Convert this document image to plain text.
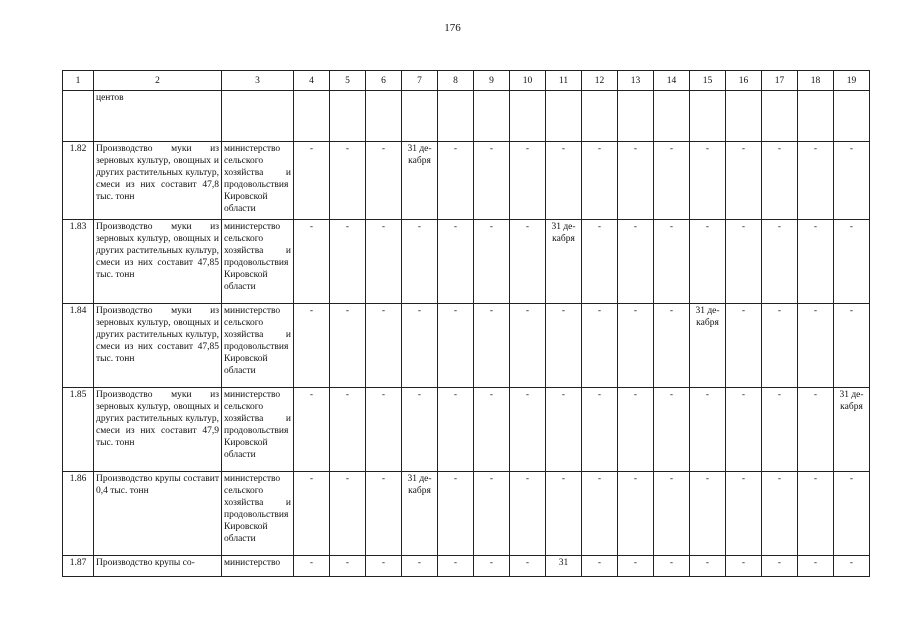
176
1	2	3	4	5	6	7	8	9	10	11	12	13	14	15	16	17	18	19
	центов																	
1.82	Производство муки из зерновых культур, овощных и других растительных культур, смеси из них составит 47,8 тыс. тонн	министерство сельского хозяйства и продовольствия Кировской области	-	-	-	31 де- кабря	-	-	-	-	-	-	-	-	-	-	-	-
1.83	Производство муки из зерновых культур, овощных и других растительных культур, смеси из них составит 47,85 тыс. тонн	министерство сельского хозяйства и продовольствия Кировской области	-	-	-	-	-	-	-	31 де- кабря	-	-	-	-	-	-	-	-
1.84	Производство муки из зерновых культур, овощных и других растительных культур, смеси из них составит 47,85 тыс. тонн	министерство сельского хозяйства и продовольствия Кировской области	-	-	-	-	-	-	-	-	-	-	-	31 де- кабря	-	-	-	-
1.85	Производство муки из зерновых культур, овощных и других растительных культур, смеси из них составит 47,9 тыс. тонн	министерство сельского хозяйства и продовольствия Кировской области	-	-	-	-	-	-	-	-	-	-	-	-	-	-	-	31 де- кабря
1.86	Производство крупы составит 0,4 тыс. тонн	министерство сельского хозяйства и продовольствия Кировской области	-	-	-	31 де- кабря	-	-	-	-	-	-	-	-	-	-	-	-
1.87	Производство крупы со-	министерство	-	-	-	-	-	-	-	31	-	-	-	-	-	-	-	-
